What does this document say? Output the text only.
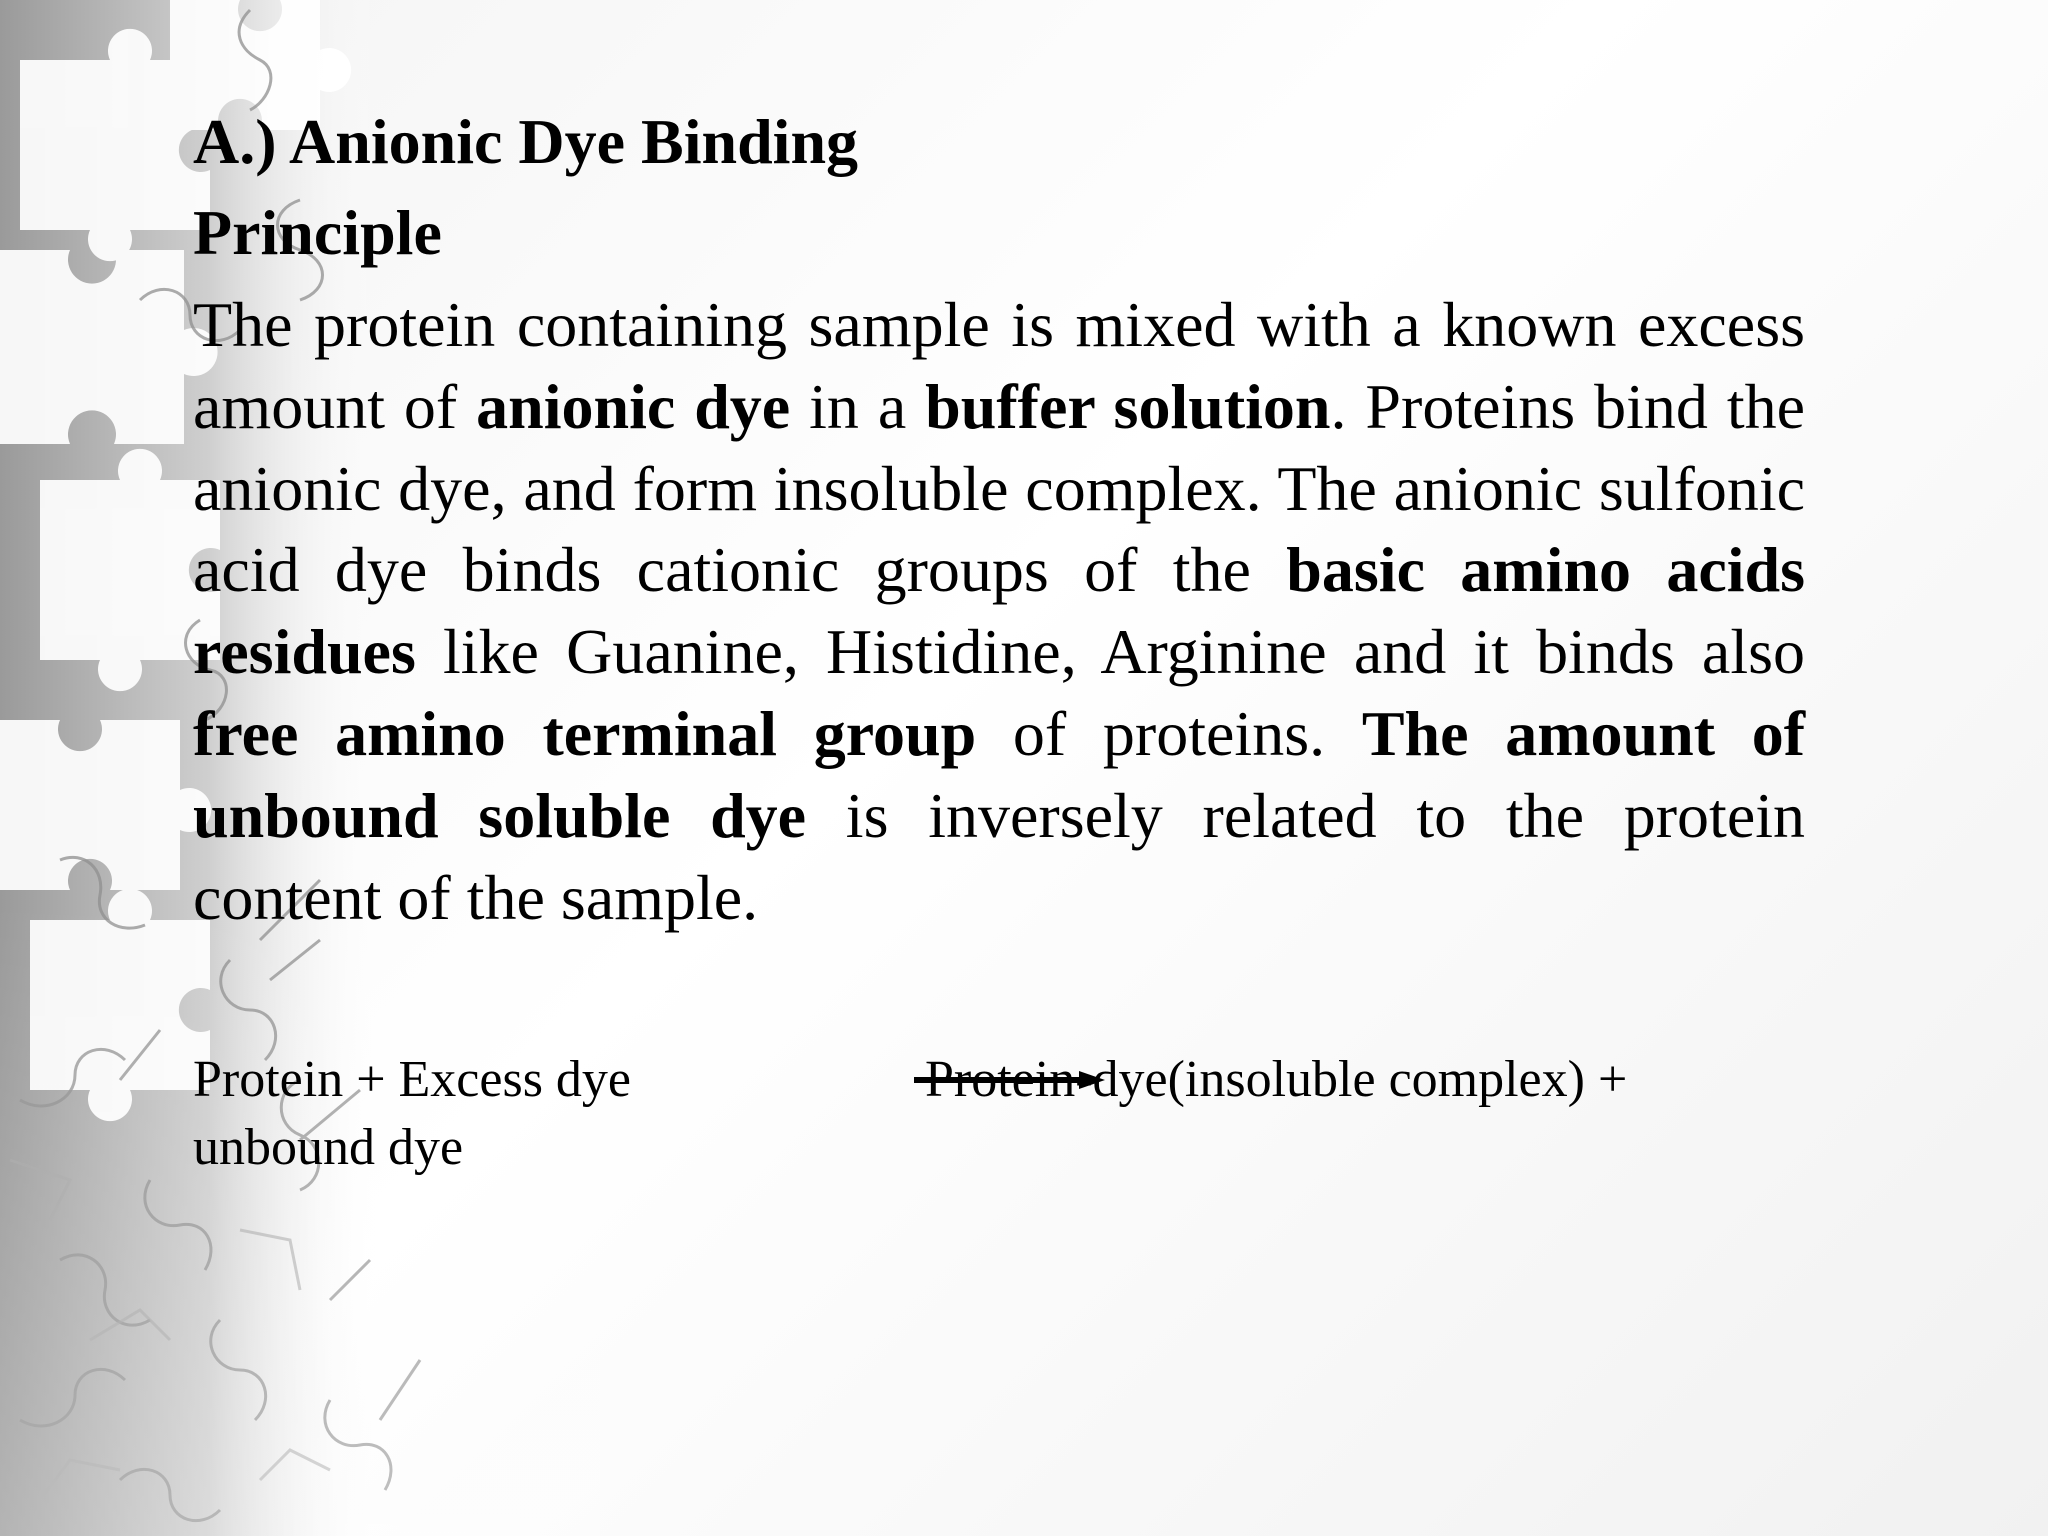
A.) Anionic Dye Binding

Principle

The protein containing sample is mixed with a known excess amount of anionic dye in a buffer solution. Proteins bind the anionic dye, and form insoluble complex. The anionic sulfonic acid dye binds cationic groups of the basic amino acids residues like Guanine, Histidine, Arginine and it binds also free amino terminal group of proteins. The amount of unbound soluble dye is inversely related to the protein content of the sample.

Protein + Excess dye	Protein-dye(insoluble complex) +
unbound dye
